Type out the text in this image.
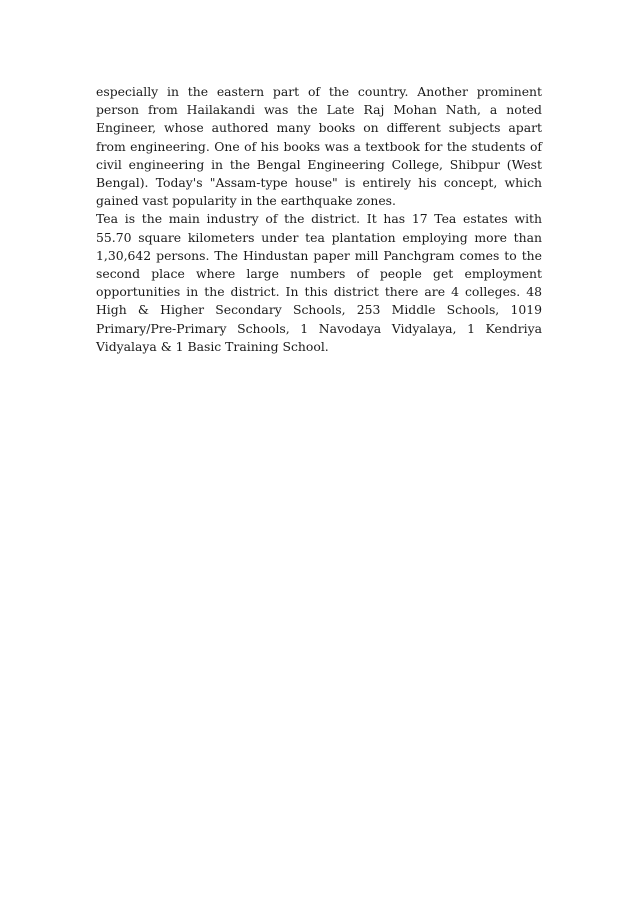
especially in the eastern part of the country. Another prominent person from Hailakandi was the Late Raj Mohan Nath, a noted Engineer, whose authored many books on different subjects apart from engineering. One of his books was a textbook for the students of civil engineering in the Bengal Engineering College, Shibpur (West Bengal). Today's "Assam-type house" is entirely his concept, which gained vast popularity in the earthquake zones.

Tea is the main industry of the district. It has 17 Tea estates with 55.70 square kilometers under tea plantation employing more than 1,30,642 persons. The Hindustan paper mill Panchgram comes to the second place where large numbers of people get employment opportunities in the district. In this district there are 4 colleges. 48 High & Higher Secondary Schools, 253 Middle Schools, 1019 Primary/Pre-Primary Schools, 1 Navodaya Vidyalaya, 1 Kendriya Vidyalaya & 1 Basic Training School.
